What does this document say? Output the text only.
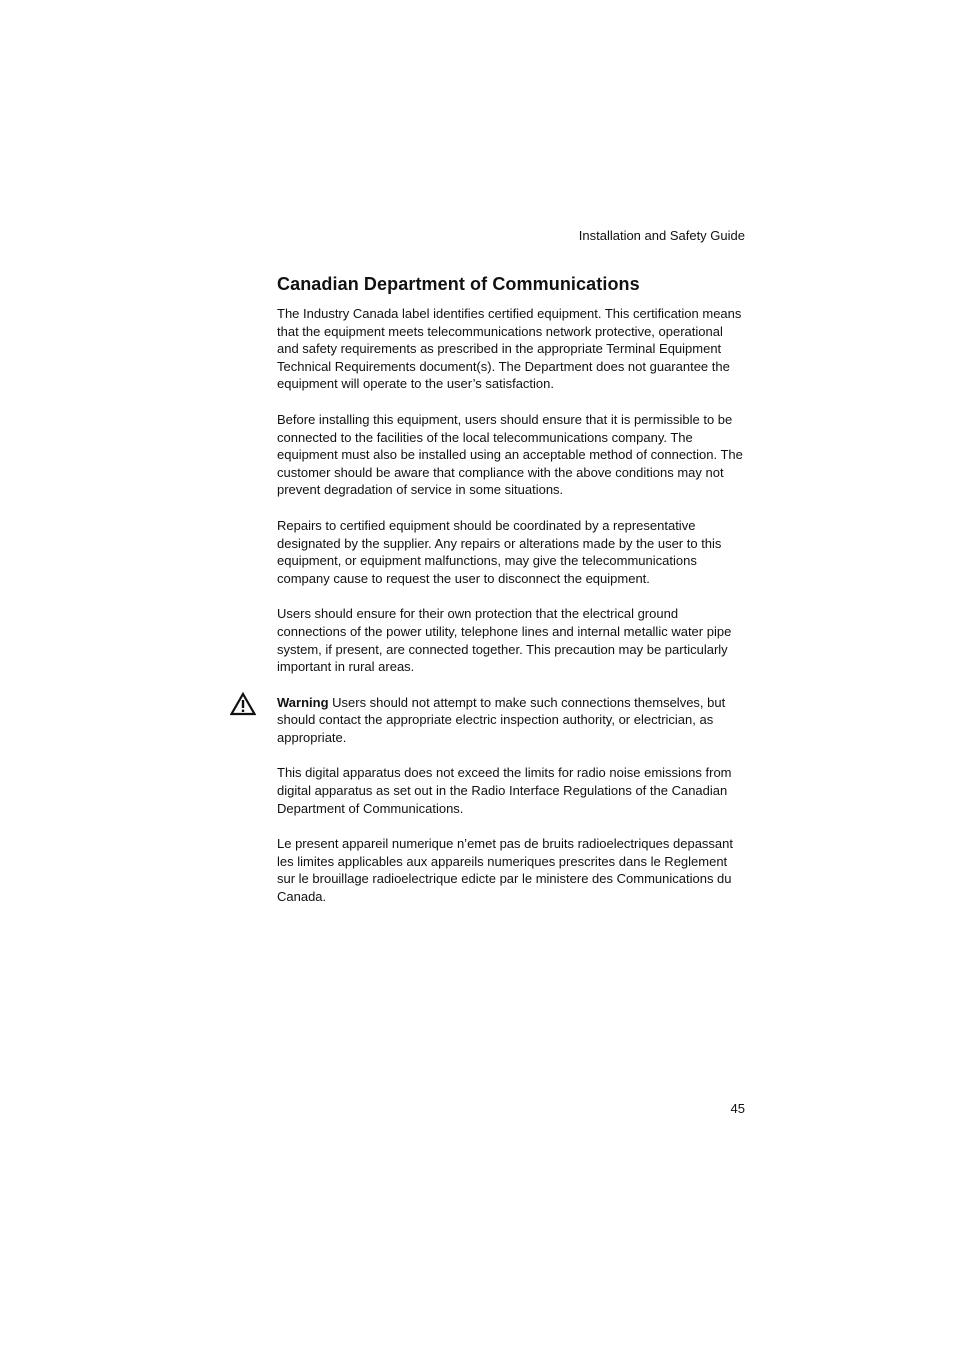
Installation and Safety Guide
Canadian Department of Communications

The Industry Canada label identifies certified equipment. This certification means that the equipment meets telecommunications network protective, operational and safety requirements as prescribed in the appropriate Terminal Equipment Technical Requirements document(s). The Department does not guarantee the equipment will operate to the user’s satisfaction.

Before installing this equipment, users should ensure that it is permissible to be connected to the facilities of the local telecommunications company. The equipment must also be installed using an acceptable method of connection. The customer should be aware that compliance with the above conditions may not prevent degradation of service in some situations.

Repairs to certified equipment should be coordinated by a representative designated by the supplier. Any repairs or alterations made by the user to this equipment, or equipment malfunctions, may give the telecommunications company cause to request the user to disconnect the equipment.

Users should ensure for their own protection that the electrical ground connections of the power utility, telephone lines and internal metallic water pipe system, if present, are connected together. This precaution may be particularly important in rural areas.

Warning Users should not attempt to make such connections themselves, but should contact the appropriate electric inspection authority, or electrician, as appropriate.

This digital apparatus does not exceed the limits for radio noise emissions from digital apparatus as set out in the Radio Interface Regulations of the Canadian Department of Communications.

Le present appareil numerique n’emet pas de bruits radioelectriques depassant les limites applicables aux appareils numeriques prescrites dans le Reglement sur le brouillage radioelectrique edicte par le ministere des Communications du Canada.

45
